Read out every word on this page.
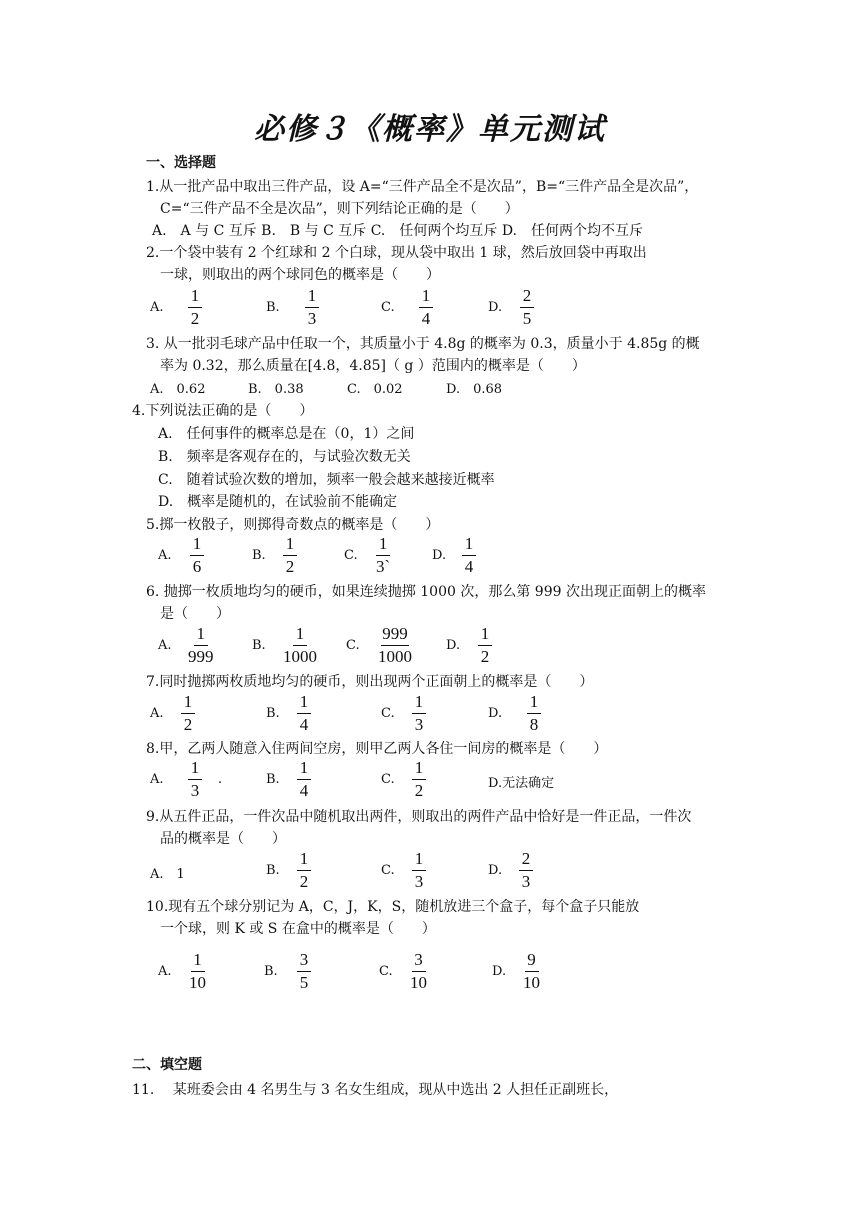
必修３《概率》单元测试
一、选择题
1.从一批产品中取出三件产品，设 A=“三件产品全不是次品”，B=“三件产品全是次品”，
C=“三件产品不全是次品”，则下列结论正确的是（　　）
A.　A 与 C 互斥 B.　B 与 C 互斥 C.　任何两个均互斥 D.　任何两个均不互斥
2.一个袋中装有 2 个红球和 2 个白球，现从袋中取出 1 球，然后放回袋中再取出
一球，则取出的两个球同色的概率是（　　）
A. $\frac{1}{2}$	B. $\frac{1}{3}$	C. $\frac{1}{4}$	D. $\frac{2}{5}$
3. 从一批羽毛球产品中任取一个，其质量小于 4.8g 的概率为 0.3，质量小于 4.85g 的概
率为 0.32，那么质量在[4.8，4.85]（ g ）范围内的概率是（　　）
A.　0.62	B.　0.38	C.　0.02	D.　0.68
4.下列说法正确的是（　　）
A.　任何事件的概率总是在（0，1）之间
B.　频率是客观存在的，与试验次数无关
C.　随着试验次数的增加，频率一般会越来越接近概率
D.　概率是随机的，在试验前不能确定
5.掷一枚骰子，则掷得奇数点的概率是（　　）
A. $\frac{1}{6}$	B. $\frac{1}{2}$	C. $\frac{1}{3`}$	D. $\frac{1}{4}$
6. 抛掷一枚质地均匀的硬币，如果连续抛掷 1000 次，那么第 999 次出现正面朝上的概率
是（　　）
A. $\frac{1}{999}$	B. $\frac{1}{1000} C$. $\frac{999}{1000}$	D. $\frac{1}{2}$
7.同时抛掷两枚质地均匀的硬币，则出现两个正面朝上的概率是（　　）
A. $\frac{1}{2}$	B. $\frac{1}{4}$	C. $\frac{1}{3}$	D. $\frac{1}{8}$
8.甲，乙两人随意入住两间空房，则甲乙两人各住一间房的概率是（　　）
A. $\frac{1}{3}$ .	B. $\frac{1}{4}$	C. $\frac{1}{2}$	D.无法确定
9.从五件正品，一件次品中随机取出两件，则取出的两件产品中恰好是一件正品，一件次
品的概率是（　　）
A.　1	B. $\frac{1}{2}$	C. $\frac{1}{3}$	D. $\frac{2}{3}$
10.现有五个球分别记为 A，C，J，K，S，随机放进三个盒子，每个盒子只能放
一个球，则 K 或 S 在盒中的概率是（　　）
A. $\frac{1}{10}$	B. $\frac{3}{5}$	C. $\frac{3}{10}$	D. $\frac{9}{10}$
二、填空题
11.　 某班委会由 4 名男生与 3 名女生组成，现从中选出 2 人担任正副班长，
